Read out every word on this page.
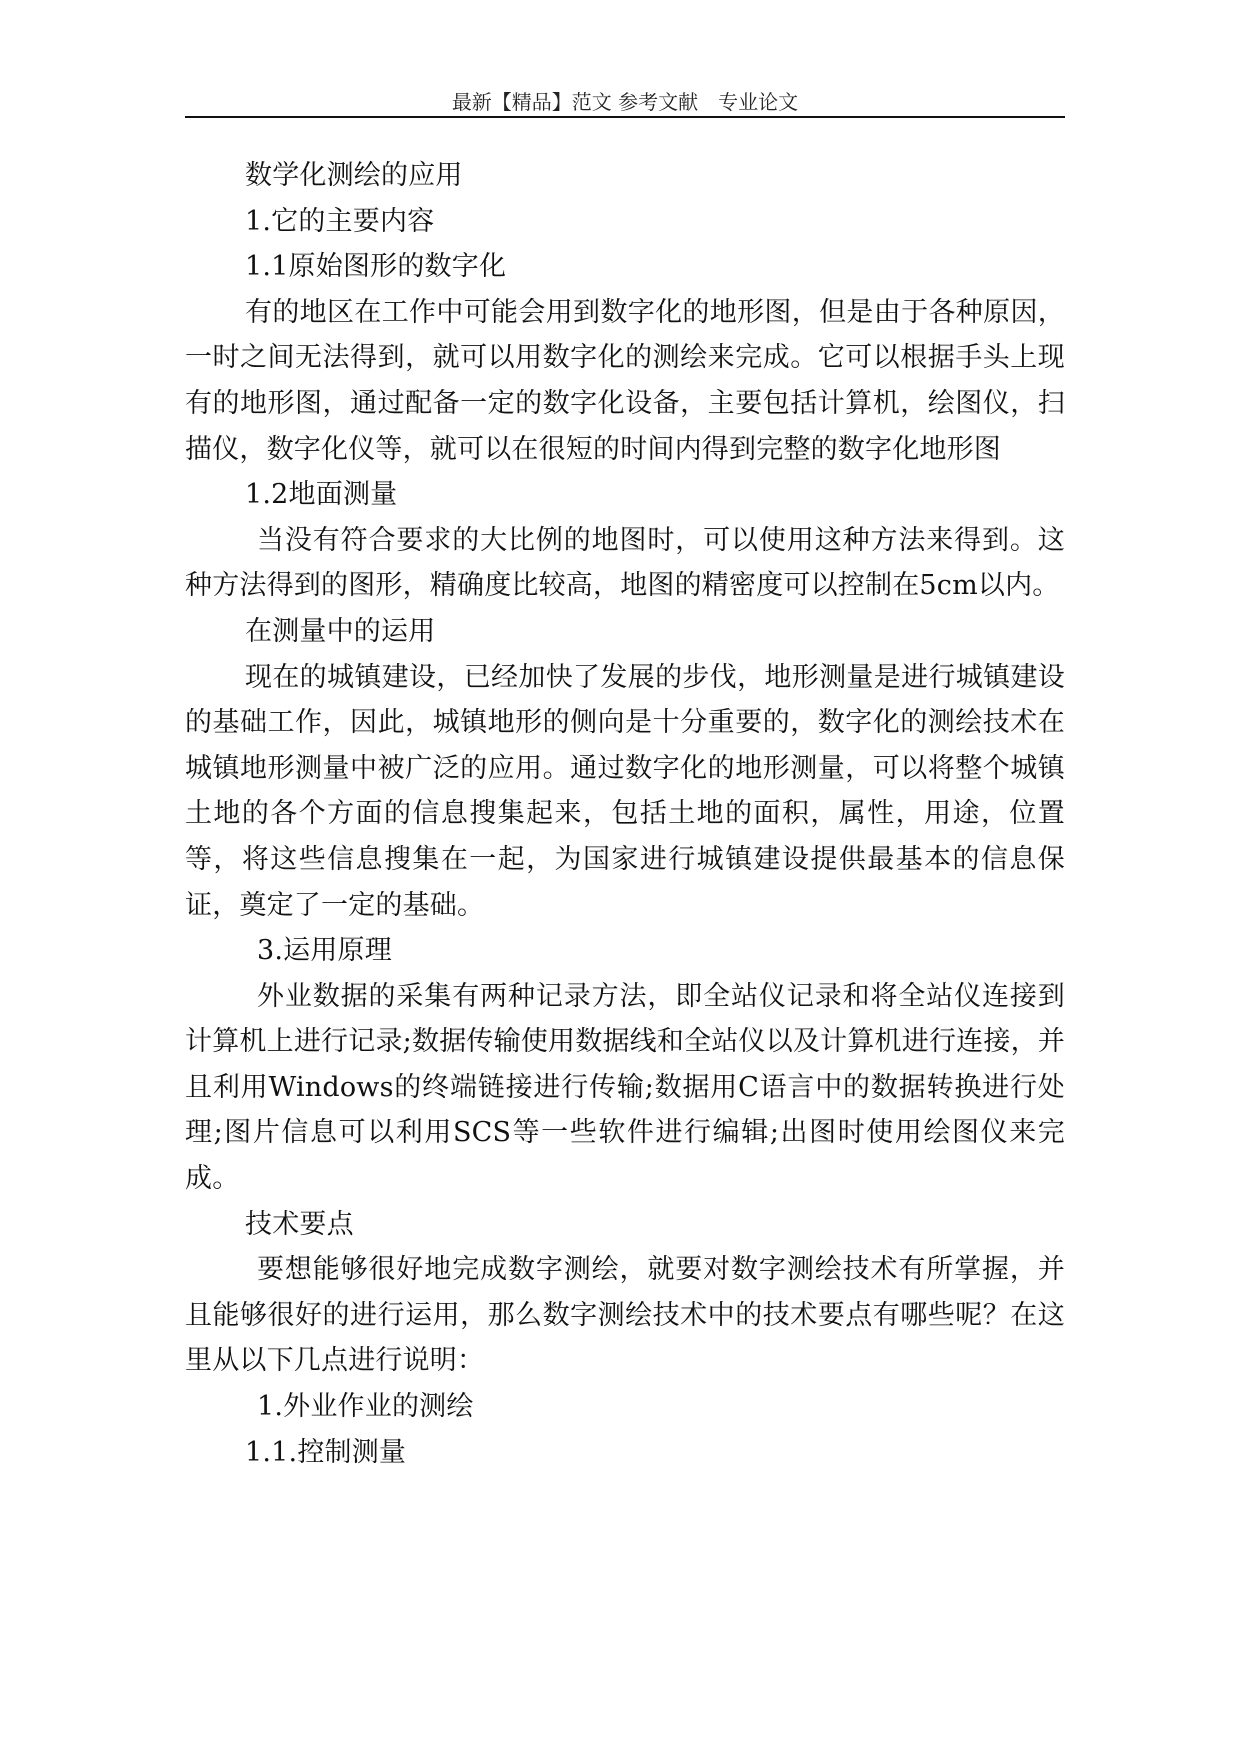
最新【精品】范文 参考文献　专业论文

数学化测绘的应用

1.它的主要内容

1.1原始图形的数字化

有的地区在工作中可能会用到数字化的地形图，但是由于各种原因，一时之间无法得到，就可以用数字化的测绘来完成。它可以根据手头上现有的地形图，通过配备一定的数字化设备，主要包括计算机，绘图仪，扫描仪，数字化仪等，就可以在很短的时间内得到完整的数字化地形图

1.2地面测量

当没有符合要求的大比例的地图时，可以使用这种方法来得到。这种方法得到的图形，精确度比较高，地图的精密度可以控制在5cm以内。

在测量中的运用

现在的城镇建设，已经加快了发展的步伐，地形测量是进行城镇建设的基础工作，因此，城镇地形的侧向是十分重要的，数字化的测绘技术在城镇地形测量中被广泛的应用。通过数字化的地形测量，可以将整个城镇土地的各个方面的信息搜集起来，包括土地的面积，属性，用途，位置等，将这些信息搜集在一起，为国家进行城镇建设提供最基本的信息保证，奠定了一定的基础。

3.运用原理

外业数据的采集有两种记录方法，即全站仪记录和将全站仪连接到计算机上进行记录;数据传输使用数据线和全站仪以及计算机进行连接，并且利用Windows的终端链接进行传输;数据用C语言中的数据转换进行处理;图片信息可以利用SCS等一些软件进行编辑;出图时使用绘图仪来完成。

技术要点

要想能够很好地完成数字测绘，就要对数字测绘技术有所掌握，并且能够很好的进行运用，那么数字测绘技术中的技术要点有哪些呢？在这里从以下几点进行说明：

1.外业作业的测绘

1.1.控制测量
